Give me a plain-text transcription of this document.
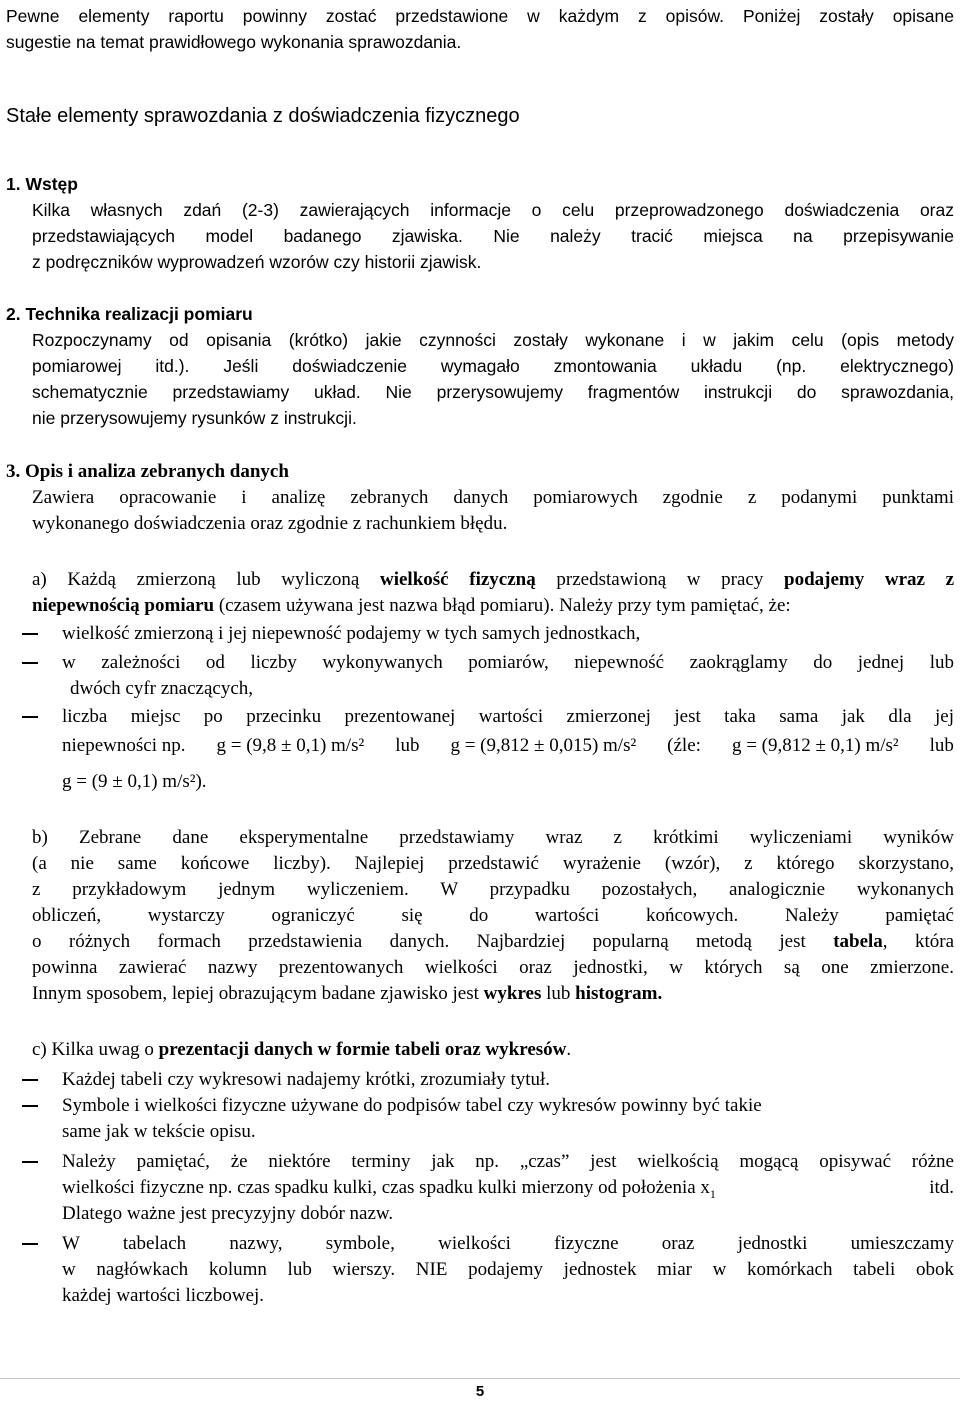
Pewne elementy raportu powinny zostać przedstawione w każdym z opisów. Poniżej zostały opisane
sugestie na temat prawidłowego wykonania sprawozdania.
Stałe elementy sprawozdania z doświadczenia fizycznego
1. Wstęp
Kilka własnych zdań (2-3) zawierających informacje o celu przeprowadzonego doświadczenia oraz
przedstawiających model badanego zjawiska. Nie należy tracić miejsca na przepisywanie
z podręczników wyprowadzeń wzorów czy historii zjawisk.
2. Technika realizacji pomiaru
Rozpoczynamy od opisania (krótko) jakie czynności zostały wykonane i w jakim celu (opis metody
pomiarowej itd.). Jeśli doświadczenie wymagało zmontowania układu (np. elektrycznego)
schematycznie przedstawiamy układ. Nie przerysowujemy fragmentów instrukcji do sprawozdania,
nie przerysowujemy rysunków z instrukcji.
3. Opis i analiza zebranych danych
Zawiera opracowanie i analizę zebranych danych pomiarowych zgodnie z podanymi punktami
wykonanego doświadczenia oraz zgodnie z rachunkiem błędu.
a) Każdą zmierzoną lub wyliczoną wielkość fizyczną przedstawioną w pracy podajemy wraz z
niepewnością pomiaru (czasem używana jest nazwa błąd pomiaru). Należy przy tym pamiętać, że:
wielkość zmierzoną i jej niepewność podajemy w tych samych jednostkach,
w zależności od liczby wykonywanych pomiarów, niepewność zaokrąglamy do jednej lub
dwóch cyfr znaczących,
liczba miejsc po przecinku prezentowanej wartości zmierzonej jest taka sama jak dla jej
niepewności np. g = (9,8 ± 0,1) m/s² lub g = (9,812 ± 0,015) m/s² (źle: g = (9,812 ± 0,1) m/s² lub
g = (9 ± 0,1) m/s²).
b) Zebrane dane eksperymentalne przedstawiamy wraz z krótkimi wyliczeniami wyników
(a nie same końcowe liczby). Najlepiej przedstawić wyrażenie (wzór), z którego skorzystano,
z przykładowym jednym wyliczeniem. W przypadku pozostałych, analogicznie wykonanych
obliczeń, wystarczy ograniczyć się do wartości końcowych. Należy pamiętać
o różnych formach przedstawienia danych. Najbardziej popularną metodą jest tabela, która
powinna zawierać nazwy prezentowanych wielkości oraz jednostki, w których są one zmierzone.
Innym sposobem, lepiej obrazującym badane zjawisko jest wykres lub histogram.
c) Kilka uwag o prezentacji danych w formie tabeli oraz wykresów.
Każdej tabeli czy wykresowi nadajemy krótki, zrozumiały tytuł.
Symbole i wielkości fizyczne używane do podpisów tabel czy wykresów powinny być takie
same jak w tekście opisu.
Należy pamiętać, że niektóre terminy jak np. „czas” jest wielkością mogącą opisywać różne
wielkości fizyczne np. czas spadku kulki, czas spadku kulki mierzony od położenia $x_1$	itd.
Dlatego ważne jest precyzyjny dobór nazw.
W tabelach nazwy, symbole, wielkości fizyczne oraz jednostki umieszczamy
w nagłówkach kolumn lub wierszy. NIE podajemy jednostek miar w komórkach tabeli obok
każdej wartości liczbowej.
5
